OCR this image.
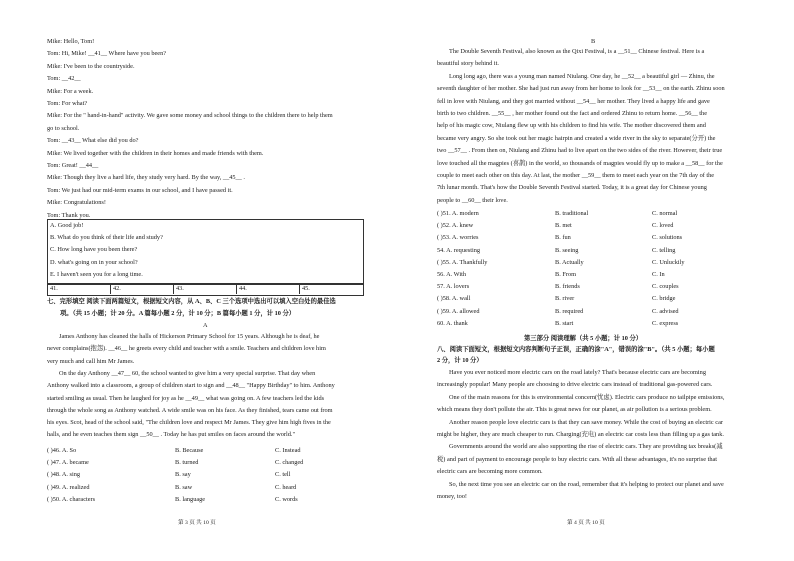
Mike: Hello, Tom!
Tom: Hi, Mike! __41__ Where have you been?
Mike: I've been to the countryside.
Tom: __42__
Mike: For a week.
Tom: For what?
Mike: For the " hand-in-hand" activity. We gave some money and school things to the children there to help them
go to school.
Tom: __43__ What else did you do?
Mike: We lived together with the children in their homes and made friends with them.
Tom: Great! __44__
Mike: Though they live a hard life, they study very hard. By the way, __45__ .
Tom: We just had our mid-term exams in our school, and I have passed it.
Mike: Congratulations!
Tom: Thank you.
A. Good job!
B. What do you think of their life and study?
C. How long have you been there?
D. what's going on in your school?
E. I haven't seen you for a long time.
41.	42.	43.	44.	45.
七、完形填空 阅读下面两篇短文，根据短文内容，从 A、B、C 三个选项中选出可以填入空白处的最佳选
项。（共 15 小题；计 20 分。A 篇每小题 2 分，计 10 分；B 篇每小题 1 分，计 10 分）
A
James Anthony has cleaned the halls of Hickerson Primary School for 15 years. Although he is deaf, he
never complains(抱怨). __46__ he greets every child and teacher with a smile. Teachers and children love him
very much and call him Mr James.
On the day Anthony __47__ 60, the school wanted to give him a very special surprise. That day when
Anthony walked into a classroom, a group of children start to sign and __48__ "Happy Birthday" to him. Anthony
started smiling as usual. Then he laughed for joy as he __49__ what was going on. A few teachers led the kids
through the whole song as Anthony watched. A wide smile was on his face. As they finished, tears came out from
his eyes. Scot, head of the school said, "The children love and respect Mr James. They give him high fives in the
halls, and he even teaches them sign __50__ . Today he has put smiles on faces around the world."
( )46. A. So	B. Because	C. Instead
( )47. A. became	B. turned	C. changed
( )48. A. sing	B. say	C. tell
( )49. A. realized	B. saw	C. heard
( )50. A. characters	B. language	C. words
第 3 页 共 10 页
B
The Double Seventh Festival, also known as the Qixi Festival, is a __51__ Chinese festival. Here is a
beautiful story behind it.
Long long ago, there was a young man named Niulang. One day, he __52__ a beautiful girl — Zhinu, the
seventh daughter of her mother. She had just run away from her home to look for __53__ on the earth. Zhinu soon
fell in love with Niulang, and they got married without __54__ her mother. They lived a happy life and gave
birth to two children. __55__ , her mother found out the fact and ordered Zhinu to return home. __56__ the
help of his magic cow, Niulang flew up with his children to find his wife. The mother discovered them and
became very angry. So she took out her magic hairpin and created a wide river in the sky to separate(分开) the
two __57__ . From then on, Niulang and Zhinu had to live apart on the two sides of the river. However, their true
love touched all the magpies (喜鹊) in the world, so thousands of magpies would fly up to make a __58__ for the
couple to meet each other on this day. At last, the mother __59__ them to meet each year on the 7th day of the
7th lunar month. That's how the Double Seventh Festival started. Today, it is a great day for Chinese young
people to __60__ their love.
( )51. A. modern	B. traditional	C. normal
( )52. A. knew	B. met	C. loved
( )53. A. worries	B. fun	C. solutions
54. A. requesting	B. seeing	C. telling
( )55. A. Thankfully	B. Actually	C. Unluckily
56. A. With	B. From	C. In
57. A. lovers	B. friends	C. couples
( )58. A. wall	B. river	C. bridge
( )59. A. allowed	B. required	C. advised
60. A. thank	B. start	C. express
第三部分 阅读理解（共 5 小题；计 10 分）
八、阅读下面短文，根据短文内容判断句子正误，正确的涂"A"，错误的涂"B"。（共 5 小题；每小题
2 分，计 10 分）
Have you ever noticed more electric cars on the road lately? That's because electric cars are becoming
increasingly popular! Many people are choosing to drive electric cars instead of traditional gas-powered cars.
One of the main reasons for this is environmental concern(忧虑). Electric cars produce no tailpipe emissions,
which means they don't pollute the air. This is great news for our planet, as air pollution is a serious problem.
Another reason people love electric cars is that they can save money. While the cost of buying an electric car
might be higher, they are much cheaper to run. Charging(充电) an electric car costs less than filling up a gas tank.
Governments around the world are also supporting the rise of electric cars. They are providing tax breaks(减
税) and part of payment to encourage people to buy electric cars. With all these advantages, it's no surprise that
electric cars are becoming more common.
So, the next time you see an electric car on the road, remember that it's helping to protect our planet and save
money, too!
第 4 页 共 10 页
